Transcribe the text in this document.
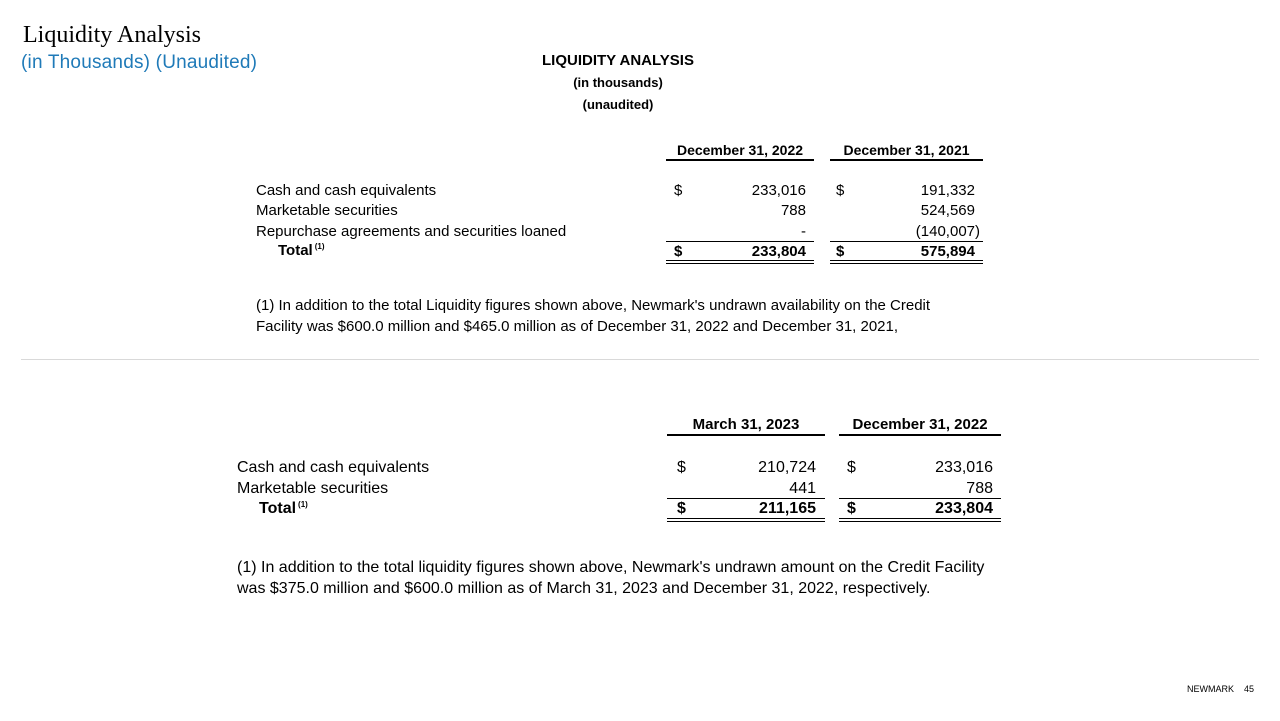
Liquidity Analysis
(in Thousands) (Unaudited)	LIQUIDITY ANALYSIS
(in thousands)
(unaudited)
December 31, 2022	December 31, 2021
Cash and cash equivalents	$	233,016 $	191,332
Marketable securities	788	524,569
Repurchase agreements and securities loaned	-	(140,007)
Total $^{(1)}$	$	233,804 $	575,894
(1) In addition to the total Liquidity figures shown above, Newmark's undrawn availability on the Credit Facility was $600.0 million and $465.0 million as of December 31, 2022 and December 31, 2021,
March 31, 2023	December 31, 2022
Cash and cash equivalents	$	210,724 $	233,016
Marketable securities	441	788
Total $^{(1)}$	$	211,165 $	233,804
(1) In addition to the total liquidity figures shown above, Newmark's undrawn amount on the Credit Facility was $375.0 million and $600.0 million as of March 31, 2023 and December 31, 2022, respectively.
NEWMARK 45
